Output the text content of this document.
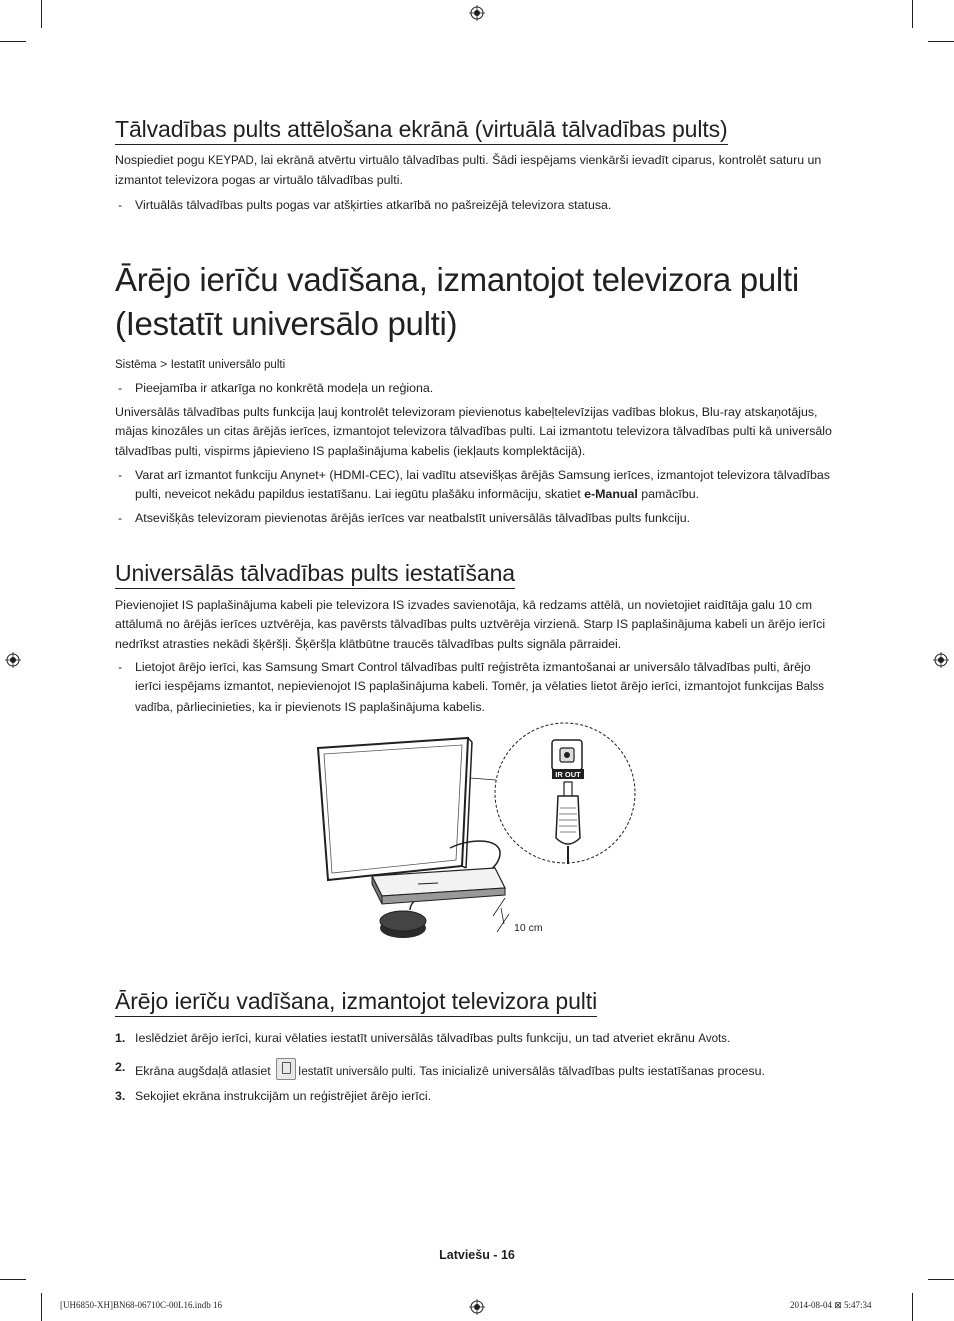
Tālvadības pults attēlošana ekrānā (virtuālā tālvadības pults)

Nospiediet pogu KEYPAD, lai ekrānā atvērtu virtuālo tālvadības pulti. Šādi iespējams vienkārši ievadīt ciparus, kontrolēt saturu un izmantot televizora pogas ar virtuālo tālvadības pulti.

- Virtuālās tālvadības pults pogas var atšķirties atkarībā no pašreizējā televizora statusa.
Ārējo ierīču vadīšana, izmantojot televizora pulti
(Iestatīt universālo pulti)
Sistēma > Iestatīt universālo pulti
- Pieejamība ir atkarīga no konkrētā modeļa un reģiona.

Universālās tālvadības pults funkcija ļauj kontrolēt televizoram pievienotus kabeļtelevīzijas vadības blokus, Blu-ray atskaņotājus, mājas kinozāles un citas ārējās ierīces, izmantojot televizora tālvadības pulti. Lai izmantotu televizora tālvadības pulti kā universālo tālvadības pulti, vispirms jāpievieno IS paplašinājuma kabelis (iekļauts komplektācijā).

- Varat arī izmantot funkciju Anynet+ (HDMI-CEC), lai vadītu atsevišķas ārējās Samsung ierīces, izmantojot televizora tālvadības pulti, neveicot nekādu papildus iestatīšanu. Lai iegūtu plašāku informāciju, skatiet e-Manual pamācību.
- Atsevišķās televizoram pievienotas ārējās ierīces var neatbalstīt universālās tālvadības pults funkciju.
Universālās tālvadības pults iestatīšana

Pievienojiet IS paplašinājuma kabeli pie televizora IS izvades savienotāja, kā redzams attēlā, un novietojiet raidītāja galu 10 cm attālumā no ārējās ierīces uztvērēja, kas pavērsts tālvadības pults uztvērēja virzienā. Starp IS paplašinājuma kabeli un ārējo ierīci nedrīkst atrasties nekādi šķēršļi. Šķēršļa klātbūtne traucēs tālvadības pults signāla pārraidei.

- Lietojot ārējo ierīci, kas Samsung Smart Control tālvadības pultī reģistrēta izmantošanai ar universālo tālvadības pulti, ārējo ierīci iespējams izmantot, nepievienojot IS paplašinājuma kabeli. Tomēr, ja vēlaties lietot ārējo ierīci, izmantojot funkcijas Balss vadība, pārliecinieties, ka ir pievienots IS paplašinājuma kabelis.
IR OUT
10 cm
Ārējo ierīču vadīšana, izmantojot televizora pulti
1. Ieslēdziet ārējo ierīci, kurai vēlaties iestatīt universālās tālvadības pults funkciju, un tad atveriet ekrānu Avots.
2. Ekrāna augšdaļā atlasiet Iestatīt universālo pulti. Tas inicializē universālās tālvadības pults iestatīšanas procesu.
3. Sekojiet ekrāna instrukcijām un reģistrējiet ārējo ierīci.
Latviešu - 16
[UH6850-XH]BN68-06710C-00L16.indb 16	2014-08-04 ⊠ 5:47:34
